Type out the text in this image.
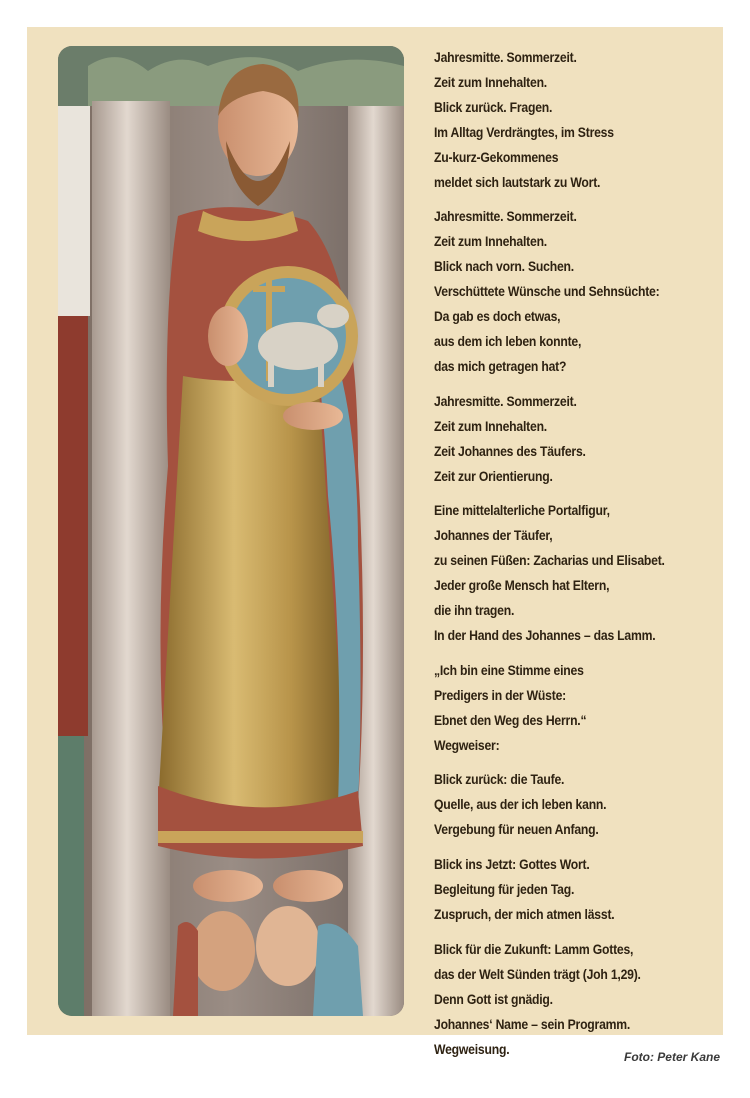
Jahresmitte. Sommerzeit.
Zeit zum Innehalten.
Blick zurück. Fragen.
Im Alltag Verdrängtes, im Stress
Zu-kurz-Gekommenes
meldet sich lautstark zu Wort.
Jahresmitte. Sommerzeit.
Zeit zum Innehalten.
Blick nach vorn. Suchen.
Verschüttete Wünsche und Sehnsüchte:
Da gab es doch etwas,
aus dem ich leben konnte,
das mich getragen hat?
Jahresmitte. Sommerzeit.
Zeit zum Innehalten.
Zeit Johannes des Täufers.
Zeit zur Orientierung.
Eine mittelalterliche Portalfigur,
Johannes der Täufer,
zu seinen Füßen: Zacharias und Elisabet.
Jeder große Mensch hat Eltern,
die ihn tragen.
In der Hand des Johannes – das Lamm.
„Ich bin eine Stimme eines
Predigers in der Wüste:
Ebnet den Weg des Herrn.“
Wegweiser:
Blick zurück: die Taufe.
Quelle, aus der ich leben kann.
Vergebung für neuen Anfang.
Blick ins Jetzt: Gottes Wort.
Begleitung für jeden Tag.
Zuspruch, der mich atmen lässt.
Blick für die Zukunft: Lamm Gottes,
das der Welt Sünden trägt (Joh 1,29).
Denn Gott ist gnädig.
Johannes‘ Name – sein Programm.
Wegweisung.	Foto: Peter Kane
